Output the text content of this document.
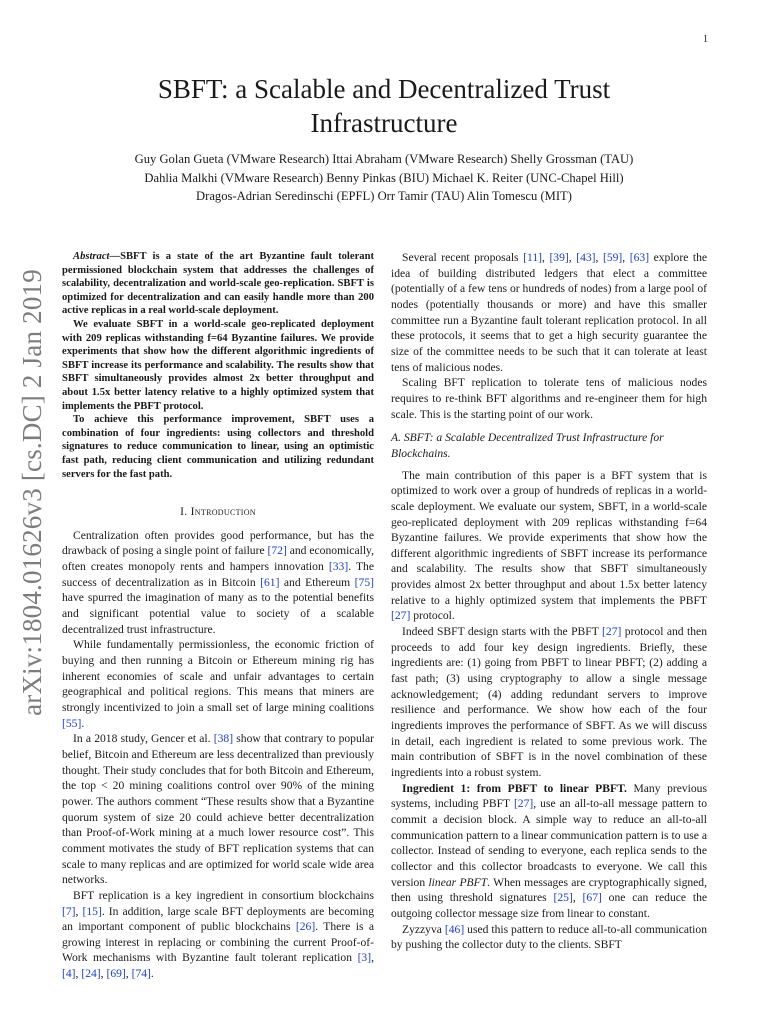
1
arXiv:1804.01626v3 [cs.DC] 2 Jan 2019
SBFT: a Scalable and Decentralized Trust Infrastructure
Guy Golan Gueta (VMware Research) Ittai Abraham (VMware Research) Shelly Grossman (TAU)
Dahlia Malkhi (VMware Research) Benny Pinkas (BIU) Michael K. Reiter (UNC-Chapel Hill)
Dragos-Adrian Seredinschi (EPFL) Orr Tamir (TAU) Alin Tomescu (MIT)

Abstract—SBFT is a state of the art Byzantine fault tolerant permissioned blockchain system that addresses the challenges of scalability, decentralization and world-scale geo-replication. SBFT is optimized for decentralization and can easily handle more than 200 active replicas in a real world-scale deployment.

We evaluate SBFT in a world-scale geo-replicated deployment with 209 replicas withstanding f=64 Byzantine failures. We provide experiments that show how the different algorithmic ingredients of SBFT increase its performance and scalability. The results show that SBFT simultaneously provides almost 2x better throughput and about 1.5x better latency relative to a highly optimized system that implements the PBFT protocol.

To achieve this performance improvement, SBFT uses a combination of four ingredients: using collectors and threshold signatures to reduce communication to linear, using an optimistic fast path, reducing client communication and utilizing redundant servers for the fast path.

I. Introduction

Centralization often provides good performance, but has the drawback of posing a single point of failure [72] and economically, often creates monopoly rents and hampers innovation [33]. The success of decentralization as in Bitcoin [61] and Ethereum [75] have spurred the imagination of many as to the potential benefits and significant potential value to society of a scalable decentralized trust infrastructure.

While fundamentally permissionless, the economic friction of buying and then running a Bitcoin or Ethereum mining rig has inherent economies of scale and unfair advantages to certain geographical and political regions. This means that miners are strongly incentivized to join a small set of large mining coalitions [55].

In a 2018 study, Gencer et al. [38] show that contrary to popular belief, Bitcoin and Ethereum are less decentralized than previously thought. Their study concludes that for both Bitcoin and Ethereum, the top < 20 mining coalitions control over 90% of the mining power. The authors comment “These results show that a Byzantine quorum system of size 20 could achieve better decentralization than Proof-of-Work mining at a much lower resource cost”. This comment motivates the study of BFT replication systems that can scale to many replicas and are optimized for world scale wide area networks.

BFT replication is a key ingredient in consortium blockchains [7], [15]. In addition, large scale BFT deployments are becoming an important component of public blockchains [26]. There is a growing interest in replacing or combining the current Proof-of-Work mechanisms with Byzantine fault tolerant replication [3], [4], [24], [69], [74].

Several recent proposals [11], [39], [43], [59], [63] explore the idea of building distributed ledgers that elect a committee (potentially of a few tens or hundreds of nodes) from a large pool of nodes (potentially thousands or more) and have this smaller committee run a Byzantine fault tolerant replication protocol. In all these protocols, it seems that to get a high security guarantee the size of the committee needs to be such that it can tolerate at least tens of malicious nodes.

Scaling BFT replication to tolerate tens of malicious nodes requires to re-think BFT algorithms and re-engineer them for high scale. This is the starting point of our work.

A. SBFT: a Scalable Decentralized Trust Infrastructure for Blockchains.

The main contribution of this paper is a BFT system that is optimized to work over a group of hundreds of replicas in a world-scale deployment. We evaluate our system, SBFT, in a world-scale geo-replicated deployment with 209 replicas withstanding f=64 Byzantine failures. We provide experiments that show how the different algorithmic ingredients of SBFT increase its performance and scalability. The results show that SBFT simultaneously provides almost 2x better throughput and about 1.5x better latency relative to a highly optimized system that implements the PBFT [27] protocol.

Indeed SBFT design starts with the PBFT [27] protocol and then proceeds to add four key design ingredients. Briefly, these ingredients are: (1) going from PBFT to linear PBFT; (2) adding a fast path; (3) using cryptography to allow a single message acknowledgement; (4) adding redundant servers to improve resilience and performance. We show how each of the four ingredients improves the performance of SBFT. As we will discuss in detail, each ingredient is related to some previous work. The main contribution of SBFT is in the novel combination of these ingredients into a robust system.

Ingredient 1: from PBFT to linear PBFT. Many previous systems, including PBFT [27], use an all-to-all message pattern to commit a decision block. A simple way to reduce an all-to-all communication pattern to a linear communication pattern is to use a collector. Instead of sending to everyone, each replica sends to the collector and this collector broadcasts to everyone. We call this version linear PBFT. When messages are cryptographically signed, then using threshold signatures [25], [67] one can reduce the outgoing collector message size from linear to constant.

Zyzzyva [46] used this pattern to reduce all-to-all communication by pushing the collector duty to the clients. SBFT
